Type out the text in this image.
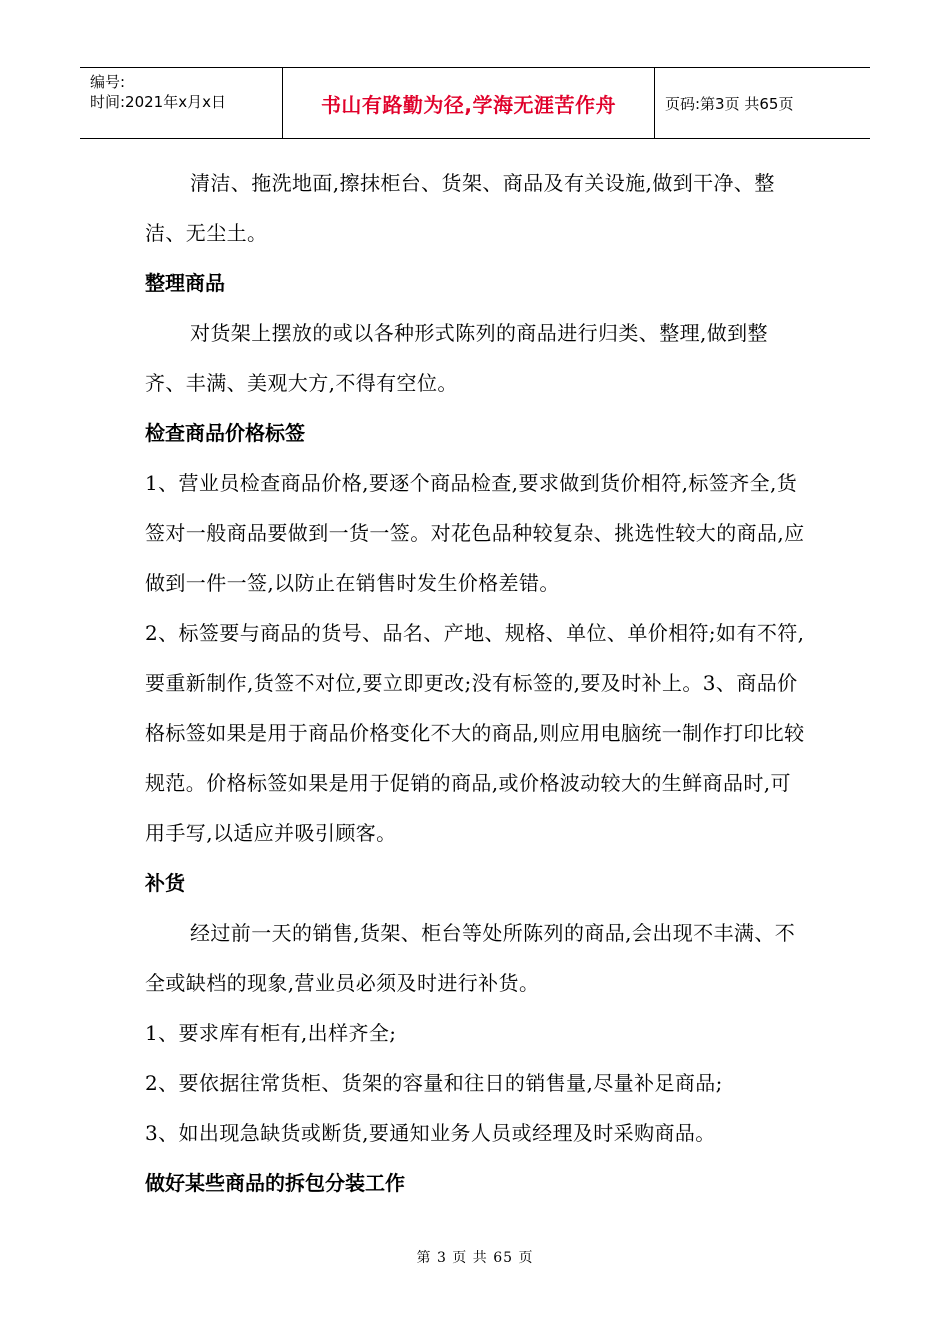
编号:
时间:2021年x月x日	书山有路勤为径,学海无涯苦作舟	页码:第3页 共65页

清洁、拖洗地面,擦抹柜台、货架、商品及有关设施,做到干净、整洁、无尘土。

整理商品

对货架上摆放的或以各种形式陈列的商品进行归类、整理,做到整齐、丰满、美观大方,不得有空位。

检查商品价格标签

1、营业员检查商品价格,要逐个商品检查,要求做到货价相符,标签齐全,货签对一般商品要做到一货一签。对花色品种较复杂、挑选性较大的商品,应做到一件一签,以防止在销售时发生价格差错。

2、标签要与商品的货号、品名、产地、规格、单位、单价相符;如有不符,要重新制作,货签不对位,要立即更改;没有标签的,要及时补上。3、商品价格标签如果是用于商品价格变化不大的商品,则应用电脑统一制作打印比较规范。价格标签如果是用于促销的商品,或价格波动较大的生鲜商品时,可用手写,以适应并吸引顾客。

补货

经过前一天的销售,货架、柜台等处所陈列的商品,会出现不丰满、不全或缺档的现象,营业员必须及时进行补货。

1、要求库有柜有,出样齐全;

2、要依据往常货柜、货架的容量和往日的销售量,尽量补足商品;

3、如出现急缺货或断货,要通知业务人员或经理及时采购商品。

做好某些商品的拆包分装工作

第 3 页 共 65 页
